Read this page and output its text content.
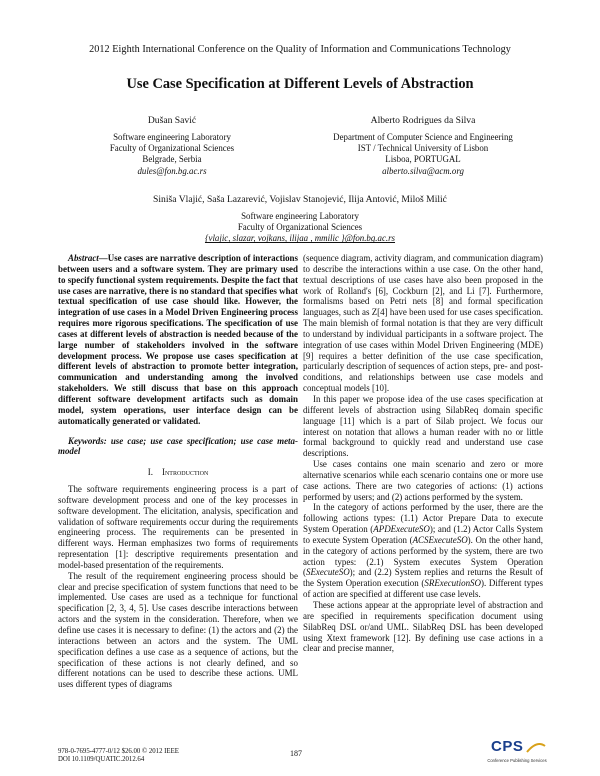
2012 Eighth International Conference on the Quality of Information and Communications Technology
Use Case Specification at Different Levels of Abstraction
Dušan Savić
Software engineering Laboratory
Faculty of Organizational Sciences
Belgrade, Serbia
dules@fon.bg.ac.rs
Alberto Rodrigues da Silva
Department of Computer Science and Engineering
IST / Technical University of Lisbon
Lisboa, PORTUGAL
alberto.silva@acm.org
Siniša Vlajić, Saša Lazarević, Vojislav Stanojević, Ilija Antović, Miloš Milić
Software engineering Laboratory
Faculty of Organizational Sciences
{vlajic, slazar, vojkans, ilijaa , mmilic }@fon.bg.ac.rs

Abstract—Use cases are narrative description of interactions between users and a software system. They are primary used to specify functional system requirements. Despite the fact that use cases are narrative, there is no standard that specifies what textual specification of use case should like. However, the integration of use cases in a Model Driven Engineering process requires more rigorous specifications. The specification of use cases at different levels of abstraction is needed because of the large number of stakeholders involved in the software development process. We propose use cases specification at different levels of abstraction to promote better integration, communication and understanding among the involved stakeholders. We still discuss that base on this approach different software development artifacts such as domain model, system operations, user interface design can be automatically generated or validated.

Keywords: use case; use case specification; use case meta-model

I. Introduction

The software requirements engineering process is a part of software development process and one of the key processes in software development. The elicitation, analysis, specification and validation of software requirements occur during the requirements engineering process. The requirements can be presented in different ways. Herman emphasizes two forms of requirements representation [1]: descriptive requirements presentation and model-based presentation of the requirements.

The result of the requirement engineering process should be clear and precise specification of system functions that need to be implemented. Use cases are used as a technique for functional specification [2, 3, 4, 5]. Use cases describe interactions between actors and the system in the consideration. Therefore, when we define use cases it is necessary to define: (1) the actors and (2) the interactions between an actors and the system. The UML specification defines a use case as a sequence of actions, but the specification of these actions is not clearly defined, and so different notations can be used to describe these actions. UML uses different types of diagrams

(sequence diagram, activity diagram, and communication diagram) to describe the interactions within a use case. On the other hand, textual descriptions of use cases have also been proposed in the work of Rolland's [6], Cockburn [2], and Li [7]. Furthermore, formalisms based on Petri nets [8] and formal specification languages, such as Z[4] have been used for use cases specification. The main blemish of formal notation is that they are very difficult to understand by individual participants in a software project. The integration of use cases within Model Driven Engineering (MDE) [9] requires a better definition of the use case specification, particularly description of sequences of action steps, pre- and post- conditions, and relationships between use case models and conceptual models [10].

In this paper we propose idea of the use cases specification at different levels of abstraction using SilabReq domain specific language [11] which is a part of Silab project. We focus our interest on notation that allows a human reader with no or little formal background to quickly read and understand use case descriptions.

Use cases contains one main scenario and zero or more alternative scenarios while each scenario contains one or more use case actions. There are two categories of actions: (1) actions performed by users; and (2) actions performed by the system.

In the category of actions performed by the user, there are the following actions types: (1.1) Actor Prepare Data to execute System Operation (APDExecuteSO); and (1.2) Actor Calls System to execute System Operation (ACSExecuteSO). On the other hand, in the category of actions performed by the system, there are two action types: (2.1) System executes System Operation (SExecuteSO); and (2.2) System replies and returns the Result of the System Operation execution (SRExecutionSO). Different types of action are specified at different use case levels.

These actions appear at the appropriate level of abstraction and are specified in requirements specification document using SilabReq DSL or/and UML. SilabReq DSL has been developed using Xtext framework [12]. By defining use case actions in a clear and precise manner,

978-0-7695-4777-0/12 $26.00 © 2012 IEEE
DOI 10.1109/QUATIC.2012.64
187	CPS
Conference Publishing Services
